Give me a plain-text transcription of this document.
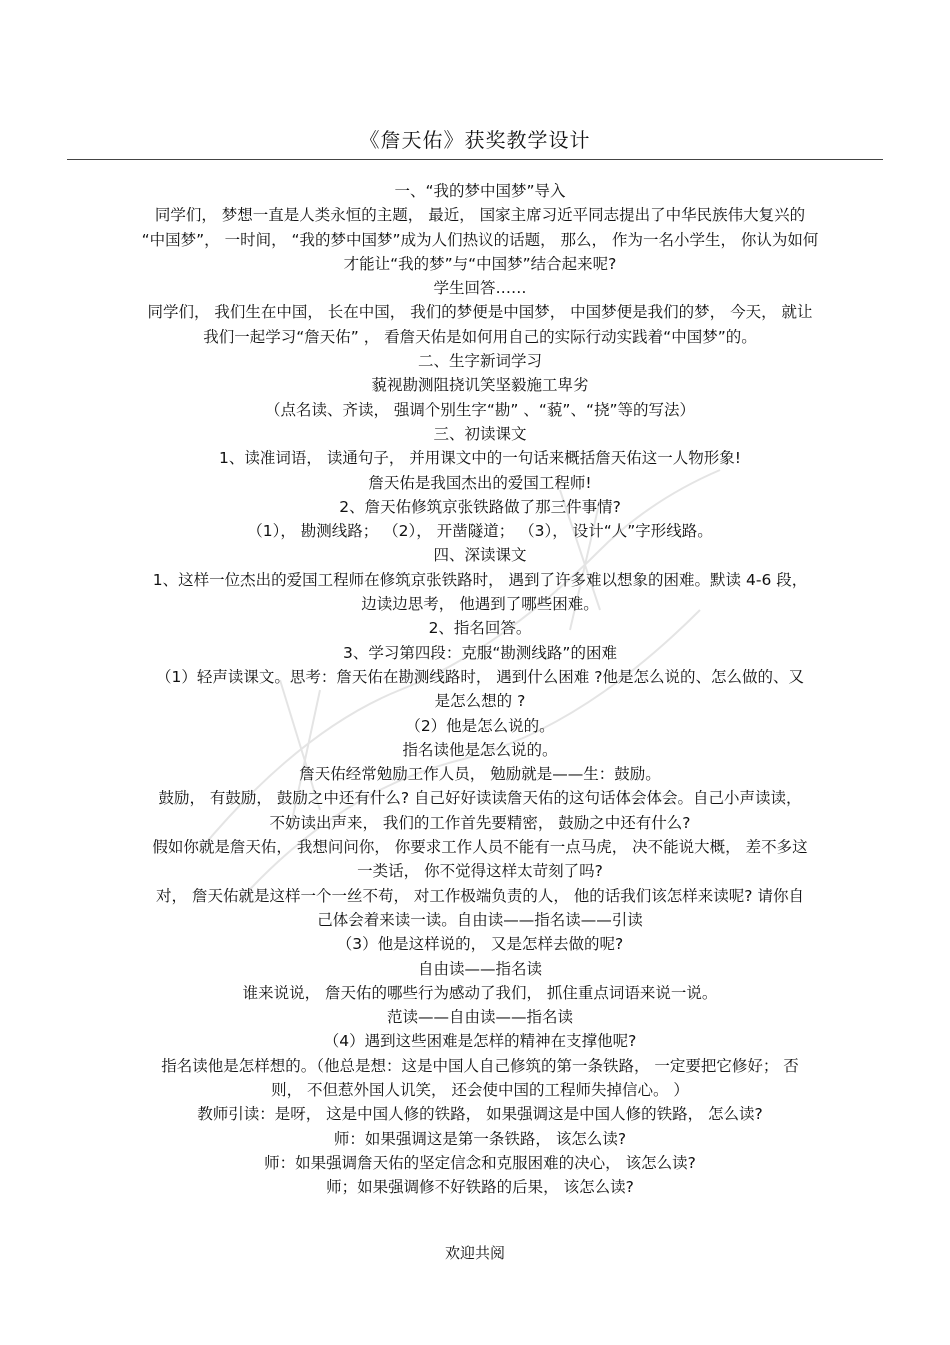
《詹天佑》获奖教学设计
一、“我的梦中国梦”导入
同学们， 梦想一直是人类永恒的主题， 最近， 国家主席习近平同志提出了中华民族伟大复兴的
“中国梦”， 一时间， “我的梦中国梦”成为人们热议的话题， 那么， 作为一名小学生， 你认为如何
才能让“我的梦”与“中国梦”结合起来呢?
学生回答……
同学们， 我们生在中国， 长在中国， 我们的梦便是中国梦， 中国梦便是我们的梦， 今天， 就让
我们一起学习“詹天佑” ， 看詹天佑是如何用自己的实际行动实践着“中国梦”的。
二、生字新词学习
藐视勘测阻挠讥笑坚毅施工卑劣
（点名读、齐读， 强调个别生字“勘” 、“藐”、“挠”等的写法）
三、初读课文
1、读准词语， 读通句子， 并用课文中的一句话来概括詹天佑这一人物形象!
詹天佑是我国杰出的爱国工程师!
2、詹天佑修筑京张铁路做了那三件事情?
（1）， 勘测线路； （2）， 开凿隧道； （3）， 设计“人”字形线路。
四、深读课文
1、这样一位杰出的爱国工程师在修筑京张铁路时， 遇到了许多难以想象的困难。默读 4-6 段，
边读边思考， 他遇到了哪些困难。
2、指名回答。
3、学习第四段：克服“勘测线路”的困难
（1）轻声读课文。思考：詹天佑在勘测线路时， 遇到什么困难 ?他是怎么说的、怎么做的、又
是怎么想的 ?
（2）他是怎么说的。
指名读他是怎么说的。
詹天佑经常勉励工作人员， 勉励就是——生：鼓励。
鼓励， 有鼓励， 鼓励之中还有什么? 自己好好读读詹天佑的这句话体会体会。自己小声读读，
不妨读出声来， 我们的工作首先要精密， 鼓励之中还有什么?
假如你就是詹天佑， 我想问问你， 你要求工作人员不能有一点马虎， 决不能说大概， 差不多这
一类话， 你不觉得这样太苛刻了吗?
对， 詹天佑就是这样一个一丝不苟， 对工作极端负责的人， 他的话我们该怎样来读呢? 请你自
己体会着来读一读。自由读——指名读——引读
（3）他是这样说的， 又是怎样去做的呢?
自由读——指名读
谁来说说， 詹天佑的哪些行为感动了我们， 抓住重点词语来说一说。
范读——自由读——指名读
（4）遇到这些困难是怎样的精神在支撑他呢?
指名读他是怎样想的。（他总是想：这是中国人自己修筑的第一条铁路， 一定要把它修好； 否
则， 不但惹外国人讥笑， 还会使中国的工程师失掉信心。 ）
教师引读：是呀， 这是中国人修的铁路， 如果强调这是中国人修的铁路， 怎么读?
师：如果强调这是第一条铁路， 该怎么读?
师：如果强调詹天佑的坚定信念和克服困难的决心， 该怎么读?
师；如果强调修不好铁路的后果， 该怎么读?
欢迎共阅
